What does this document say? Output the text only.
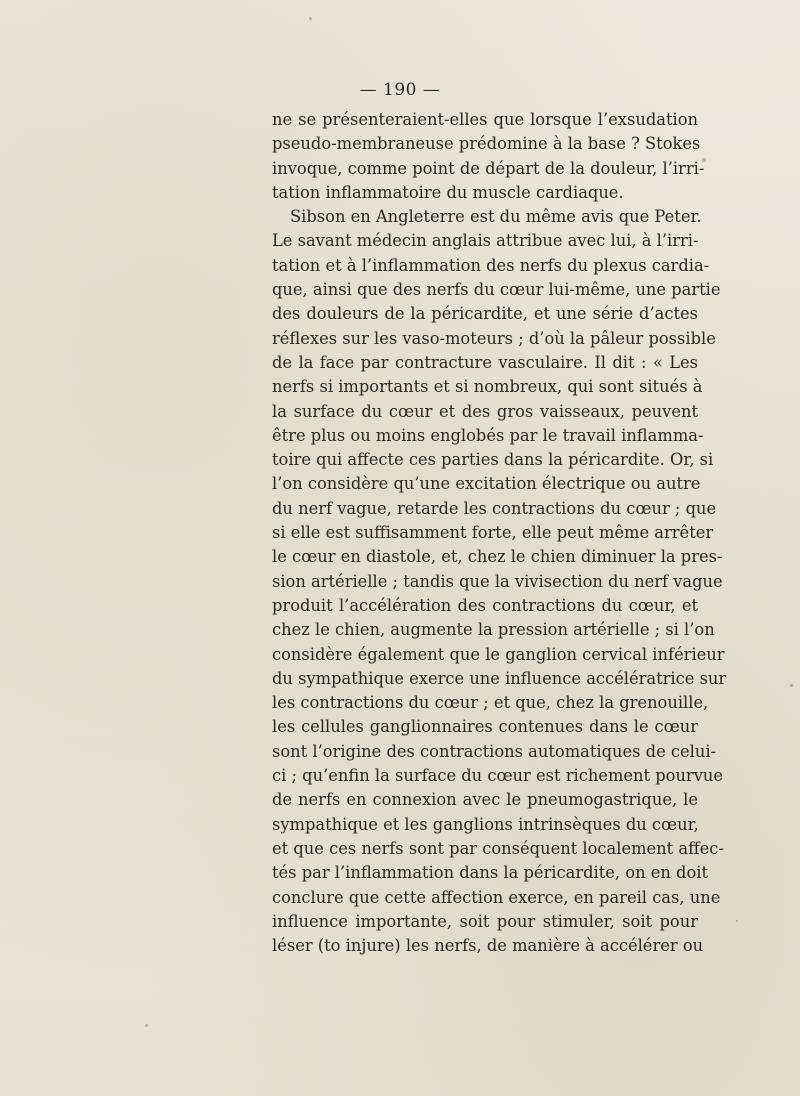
— 190 —
ne se présenteraient-elles que lorsque l’exsudation
pseudo-membraneuse prédomine à la base ? Stokes
invoque, comme point de départ de la douleur, l’irri-
tation inflammatoire du muscle cardiaque.
Sibson en Angleterre est du même avis que Peter.
Le savant médecin anglais attribue avec lui, à l’irri-
tation et à l’inflammation des nerfs du plexus cardia-
que, ainsi que des nerfs du cœur lui-même, une partie
des douleurs de la péricardite, et une série d’actes
réflexes sur les vaso-moteurs ; d’où la pâleur possible
de la face par contracture vasculaire. Il dit : « Les
nerfs si importants et si nombreux, qui sont situés à
la surface du cœur et des gros vaisseaux, peuvent
être plus ou moins englobés par le travail inflamma-
toire qui affecte ces parties dans la péricardite. Or, si
l’on considère qu’une excitation électrique ou autre
du nerf vague, retarde les contractions du cœur ; que
si elle est suffisamment forte, elle peut même arrêter
le cœur en diastole, et, chez le chien diminuer la pres-
sion artérielle ; tandis que la vivisection du nerf vague
produit l’accélération des contractions du cœur, et
chez le chien, augmente la pression artérielle ; si l’on
considère également que le ganglion cervical inférieur
du sympathique exerce une influence accélératrice sur
les contractions du cœur ; et que, chez la grenouille,
les cellules ganglionnaires contenues dans le cœur
sont l’origine des contractions automatiques de celui-
ci ; qu’enfin la surface du cœur est richement pourvue
de nerfs en connexion avec le pneumogastrique, le
sympathique et les ganglions intrinsèques du cœur,
et que ces nerfs sont par conséquent localement affec-
tés par l’inflammation dans la péricardite, on en doit
conclure que cette affection exerce, en pareil cas, une
influence importante, soit pour stimuler, soit pour
léser (to injure) les nerfs, de manière à accélérer ou
